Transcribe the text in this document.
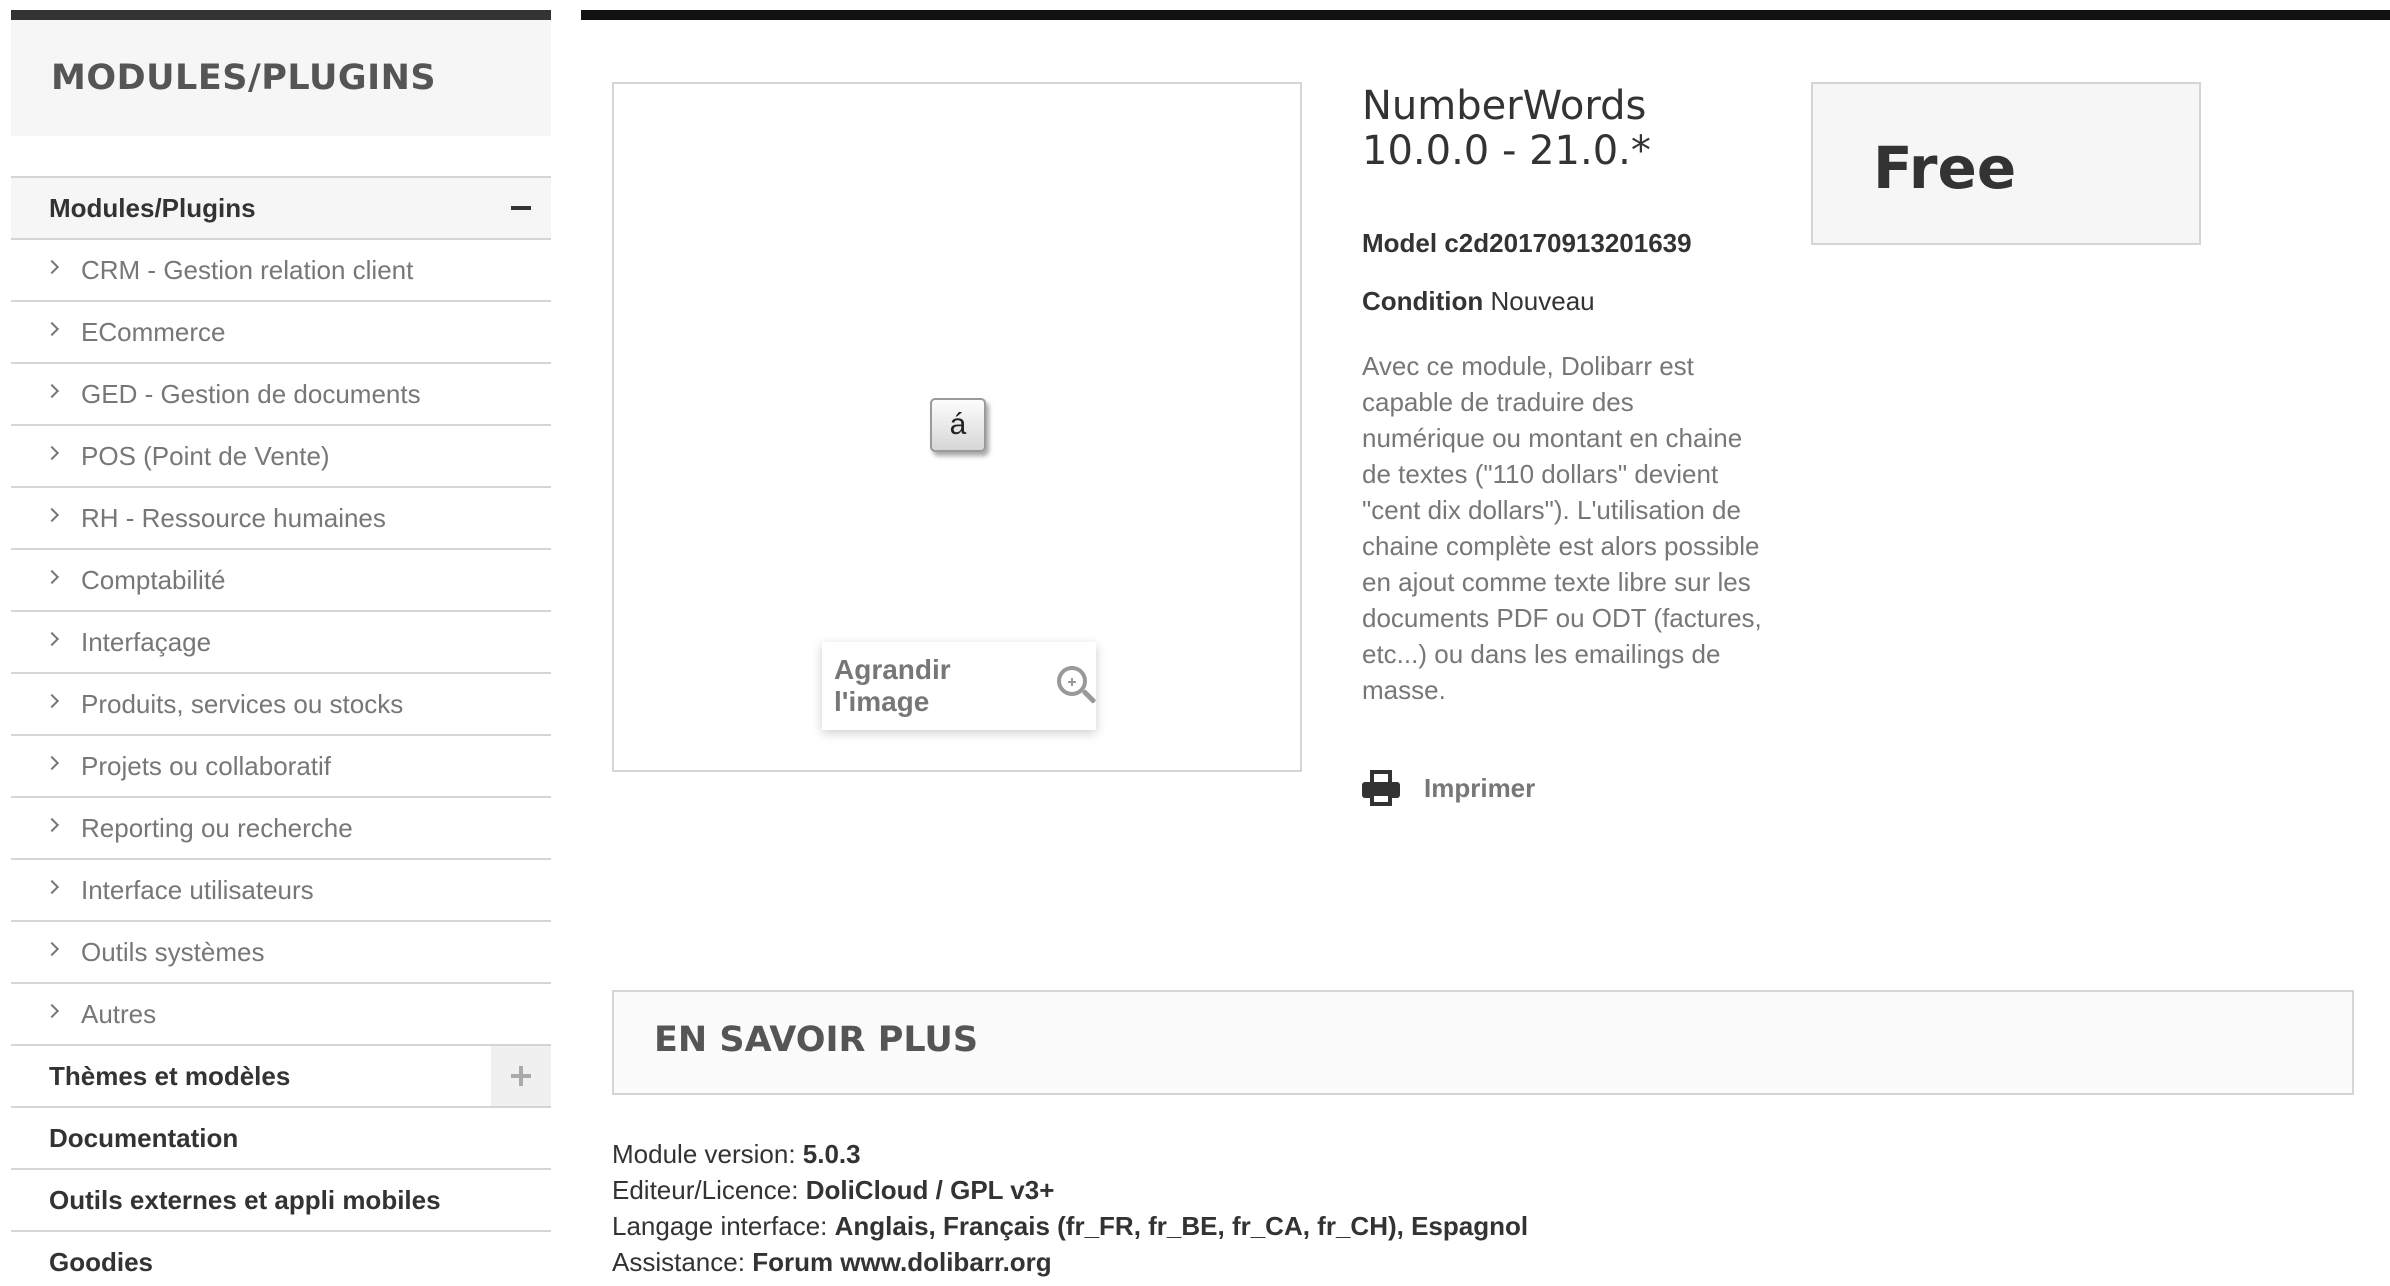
MODULES/PLUGINS
Modules/Plugins
CRM - Gestion relation client
ECommerce
GED - Gestion de documents
POS (Point de Vente)
RH - Ressource humaines
Comptabilité
Interfaçage
Produits, services ou stocks
Projets ou collaboratif
Reporting ou recherche
Interface utilisateurs
Outils systèmes
Autres
Thèmes et modèles
Documentation
Outils externes et appli mobiles
Goodies
á
Agrandir l'image
NumberWords
10.0.0 - 21.0.*
Model c2d20170913201639
Condition Nouveau
Avec ce module, Dolibarr est capable de traduire des numérique ou montant en chaine de textes ("110 dollars" devient "cent dix dollars"). L'utilisation de chaine complète est alors possible en ajout comme texte libre sur les documents PDF ou ODT (factures, etc...) ou dans les emailings de masse.
Imprimer
Free
EN SAVOIR PLUS
Module version: 5.0.3
Editeur/Licence: DoliCloud / GPL v3+
Langage interface: Anglais, Français (fr_FR, fr_BE, fr_CA, fr_CH), Espagnol
Assistance: Forum www.dolibarr.org
